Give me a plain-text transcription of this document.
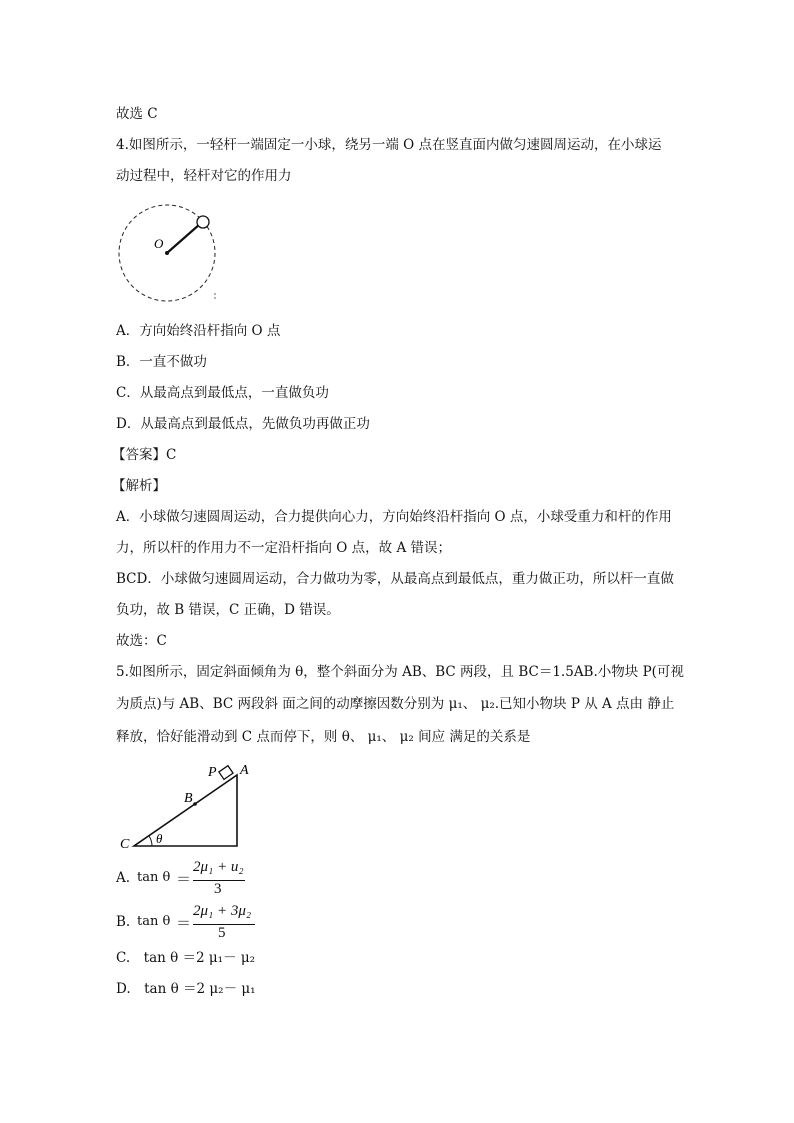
故选 C
4.如图所示，一轻杆一端固定一小球，绕另一端 O 点在竖直面内做匀速圆周运动，在小球运
动过程中，轻杆对它的作用力
O
A．方向始终沿杆指向 O 点
B．一直不做功
C．从最高点到最低点，一直做负功
D．从最高点到最低点，先做负功再做正功
【答案】C
【解析】
A．小球做匀速圆周运动，合力提供向心力，方向始终沿杆指向 O 点，小球受重力和杆的作用
力，所以杆的作用力不一定沿杆指向 O 点，故 A 错误；
BCD．小球做匀速圆周运动，合力做功为零，从最高点到最低点，重力做正功，所以杆一直做
负功，故 B 错误，C 正确，D 错误。
故选：C
5.如图所示，固定斜面倾角为 θ，整个斜面分为 AB、BC 两段，且 BC＝1.5AB.小物块 P(可视
为质点)与 AB、BC 两段斜 面之间的动摩擦因数分别为 μ₁、 μ₂.已知小物块 P 从 A 点由 静止
释放，恰好能滑动到 C 点而停下，则 θ、 μ₁、 μ₂ 间应 满足的关系是
P A
B
C θ
A. tan θ ＝
2μ₁ + u₂
3
B. tan θ ＝
2μ₁ + 3μ₂
5
C.　tan θ ＝2 μ₁－ μ₂
D.　tan θ ＝2 μ₂－ μ₁
